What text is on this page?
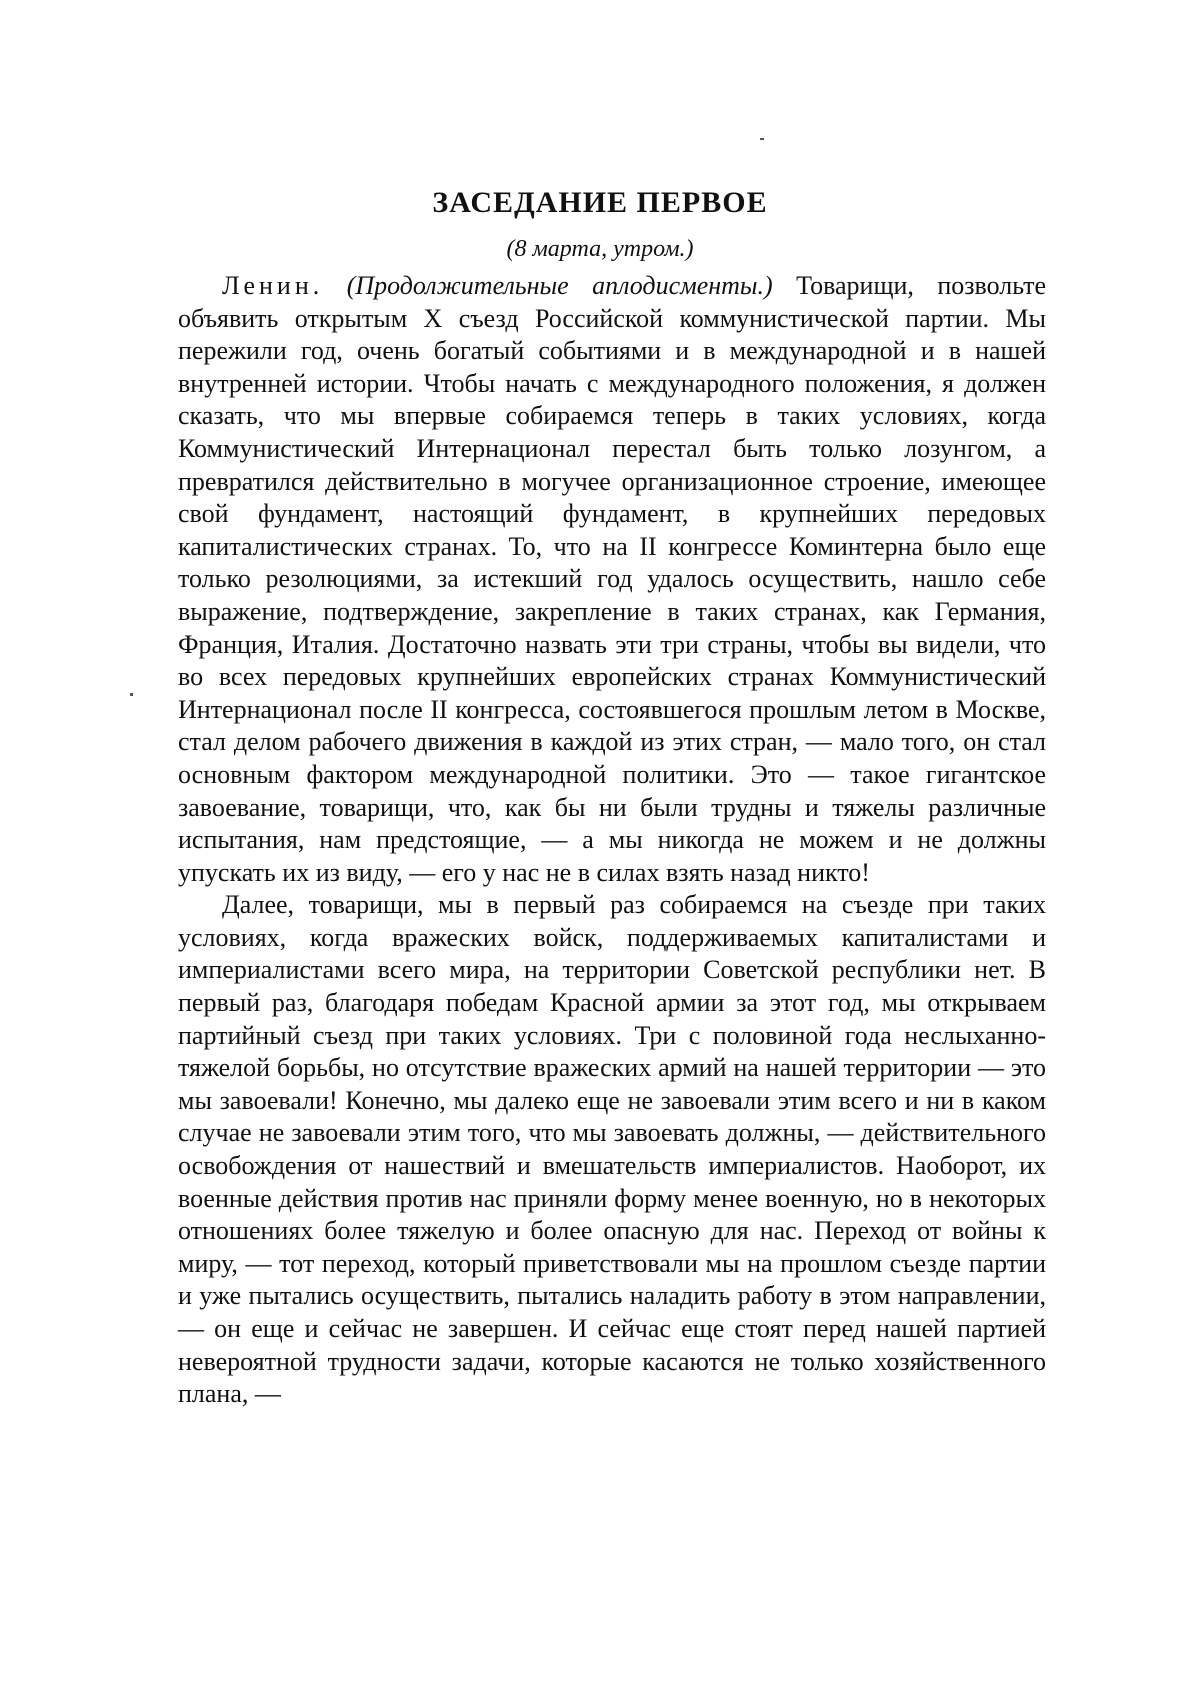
ЗАСЕДАНИЕ ПЕРВОЕ

(8 марта, утром.)

Ленин. (Продолжительные аплодисменты.) Товарищи, позвольте объявить открытым X съезд Российской коммунистической партии. Мы пережили год, очень богатый событиями и в международной и в нашей внутренней истории. Чтобы начать с международного положения, я должен сказать, что мы впервые собираемся теперь в таких условиях, когда Коммунистический Интернационал перестал быть только лозунгом, а превратился действительно в могучее организационное строение, имеющее свой фундамент, настоящий фундамент, в крупнейших передовых капиталистических странах. То, что на II конгрессе Коминтерна было еще только резолюциями, за истекший год удалось осуществить, нашло себе выражение, подтверждение, закрепление в таких странах, как Германия, Франция, Италия. Достаточно назвать эти три страны, чтобы вы видели, что во всех передовых крупнейших европейских странах Коммунистический Интернационал после II конгресса, состоявшегося прошлым летом в Москве, стал делом рабочего движения в каждой из этих стран, — мало того, он стал основным фактором международной политики. Это — такое гигантское завоевание, товарищи, что, как бы ни были трудны и тяжелы различные испытания, нам предстоящие, — а мы никогда не можем и не должны упускать их из виду, — его у нас не в силах взять назад никто!

Далее, товарищи, мы в первый раз собираемся на съезде при таких условиях, когда вражеских войск, поддерживаемых капиталистами и империалистами всего мира, на территории Советской республики нет. В первый раз, благодаря победам Красной армии за этот год, мы открываем партийный съезд при таких условиях. Три с половиной года неслыханно-тяжелой борьбы, но отсутствие вражеских армий на нашей территории — это мы завоевали! Конечно, мы далеко еще не завоевали этим всего и ни в каком случае не завоевали этим того, что мы завоевать должны, — действительного освобождения от нашествий и вмешательств империалистов. Наоборот, их военные действия против нас приняли форму менее военную, но в некоторых отношениях более тяжелую и более опасную для нас. Переход от войны к миру, — тот переход, который приветствовали мы на прошлом съезде партии и уже пытались осуществить, пытались наладить работу в этом направлении, — он еще и сейчас не завершен. И сейчас еще стоят перед нашей партией невероятной трудности задачи, которые касаются не только хозяйственного плана, —
